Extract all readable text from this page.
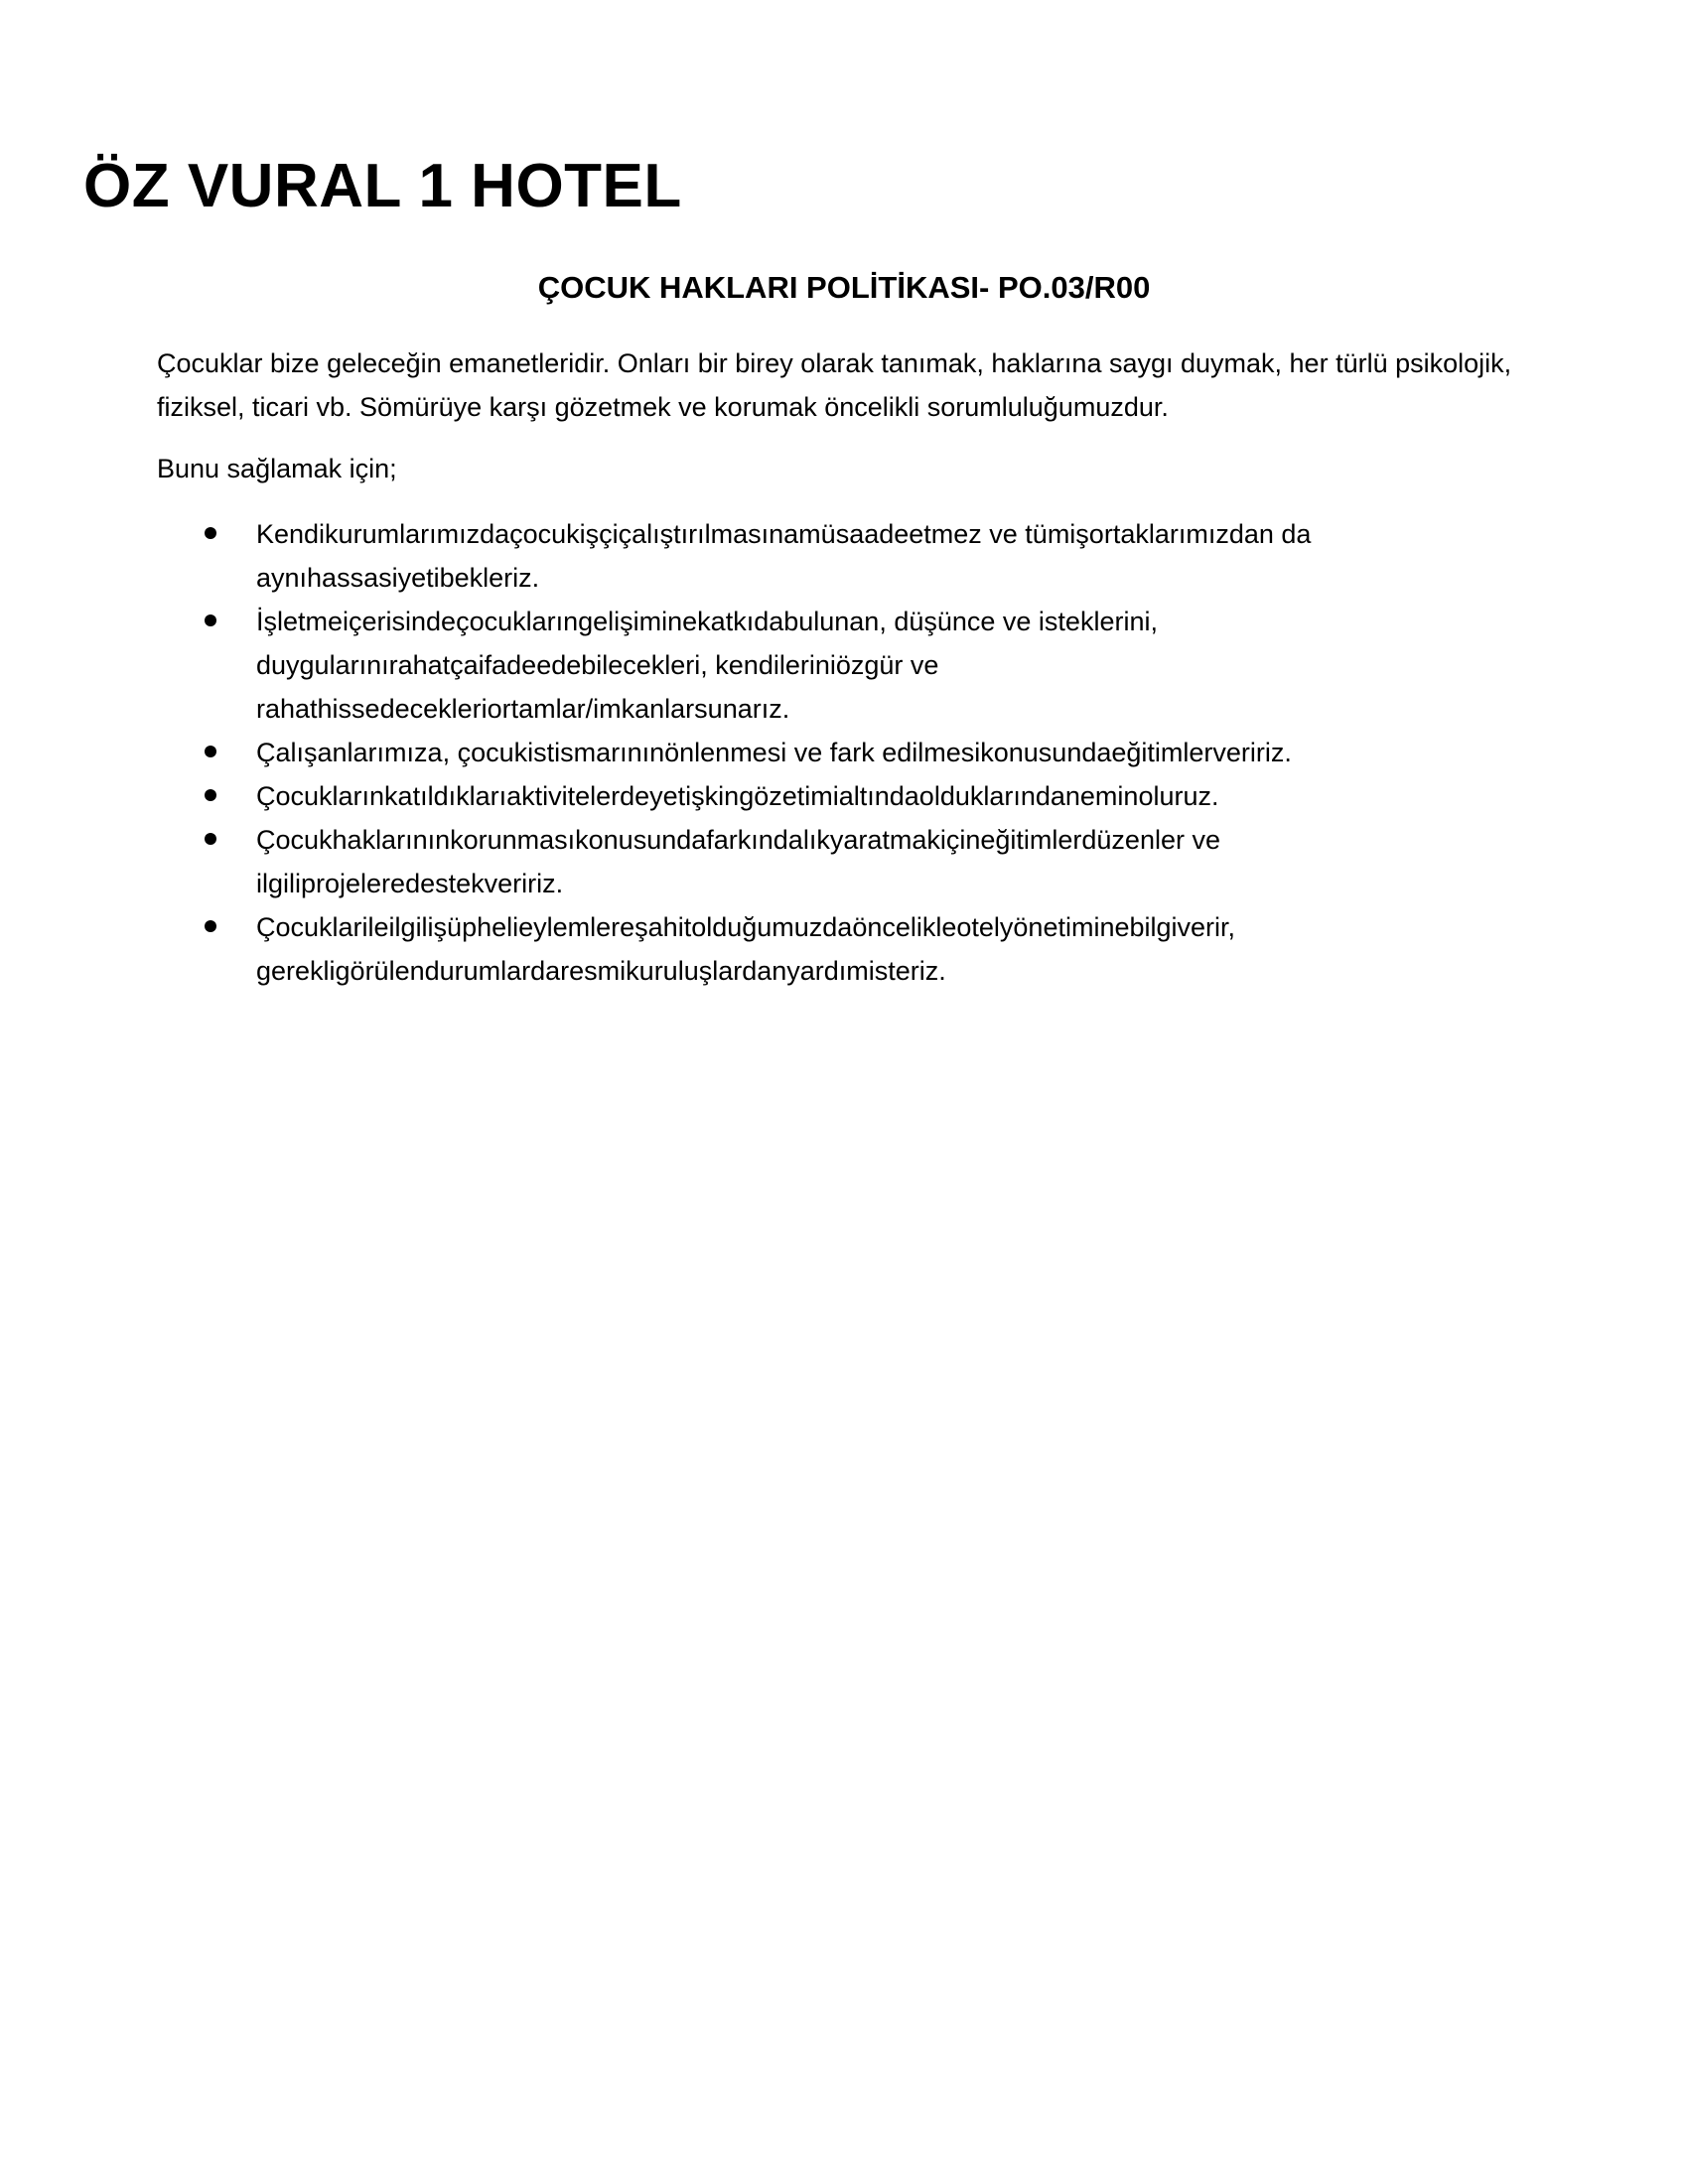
ÖZ VURAL 1 HOTEL
ÇOCUK HAKLARI POLİTİKASI- PO.03/R00

Çocuklar bize geleceğin emanetleridir. Onları bir birey olarak tanımak, haklarına saygı duymak, her türlü psikolojik, fiziksel, ticari vb. Sömürüye karşı gözetmek ve korumak öncelikli sorumluluğumuzdur.

Bunu sağlamak için;

Kendikurumlarımızdaçocukişçiçalıştırılmasınamüsaadeetmez ve tümişortaklarımızdan da
aynıhassasiyetibekleriz.
İşletmeiçerisindeçocuklarıngelişiminekatkıdabulunan, düşünce ve isteklerini,
duygularınırahatçaifadeedebilecekleri, kendileriniözgür ve
rahathissedecekleriortamlar/imkanlarsunarız.
Çalışanlarımıza, çocukistismarınınönlenmesi ve fark edilmesikonusundaeğitimlerveririz.
Çocuklarınkatıldıklarıaktivitelerdeyetişkingözetimialtındaolduklarındaneminoluruz.
Çocukhaklarınınkorunmasıkonusundafarkındalıkyaratmakiçineğitimlerdüzenler ve
ilgiliprojeleredestekveririz.
Çocuklarileilgilişüphelieylemlereşahitolduğumuzdaöncelikleotelyönetiminebilgiverir,
gerekligörülendurumlardaresmikuruluşlardanyardımisteriz.
